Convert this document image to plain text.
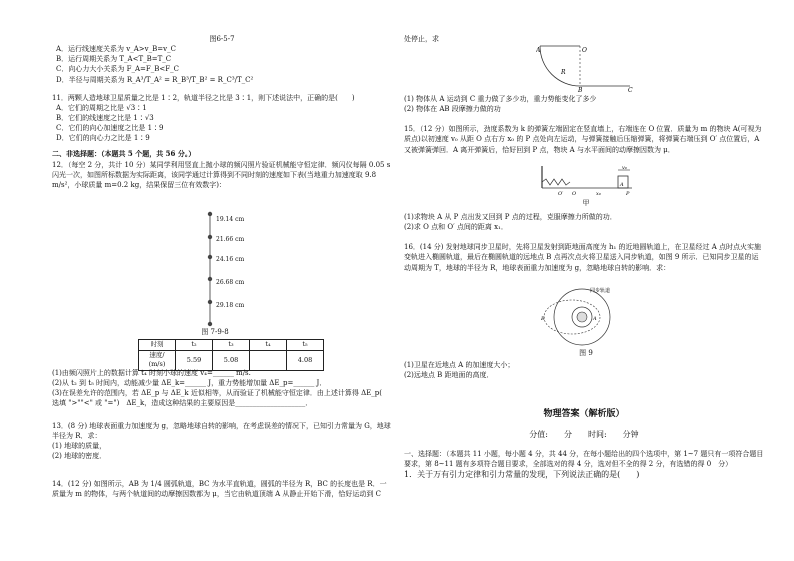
图6-5-7

A．运行线速度关系为 v_A>v_B=v_C

B．运行周期关系为 T_A<T_B=T_C

C．向心力大小关系为 F_A=F_B<F_C

D．半径与周期关系为 R_A³/T_A² = R_B³/T_B² = R_C³/T_C²

11．两颗人造地球卫星质量之比是 1∶2，轨道半径之比是 3∶1，则下述说法中，正确的是(　　)

A．它们的周期之比是 √3∶1

B．它们的线速度之比是 1∶√3

C．它们的向心加速度之比是 1∶9

D．它们的向心力之比是 1∶9

二、非选择题：（本题共 5 个题，共 56 分。）

12．（每空 2 分，共计 10 分）某同学利用竖直上抛小球的频闪照片验证机械能守恒定律．频闪仪每隔 0.05 s 闪光一次，如图所标数据为实际距离，该同学通过计算得到不同时刻的速度如下表(当地重力加速度取 9.8 m/s²，小球质量 m=0.2 kg，结果保留三位有效数字)：

19.14 cm
21.66 cm
24.16 cm
26.68 cm
29.18 cm

图 7-9-8

时刻	t₂	t₃	t₄	t₅
速度/
(m/s)	5.59	5.08		4.08

(1)由频闪照片上的数据计算 t₄ 时刻小球的速度 v₄=______ m/s.

(2)从 t₂ 到 t₅ 时间内，动能减少量 ΔE_k=______ J，重力势能增加量 ΔE_p=______ J．

(3)在误差允许的范围内，若 ΔE_p 与 ΔE_k 近似相等，从而验证了机械能守恒定律．由上述计算得 ΔE_p(　　选填 ">""<" 或 "=")　ΔE_k，造成这种结果的主要原因是____________________．

13．(8 分) 地球表面重力加速度为 g，忽略地球自转的影响，在考虑误差的情况下，已知引力常量为 G，地球半径为 R．求：

(1) 地球的质量，

(2) 地球的密度．

14．(12 分) 如图所示，AB 为 1/4 圆弧轨道，BC 为水平直轨道，圆弧的半径为 R，BC 的长度也是 R．一质量为 m 的物体，与两个轨道间的动摩擦因数都为 μ，当它由轨道顶端 A 从静止开始下滑，恰好运动到 C

处停止，求

A	O
R
B	C

(1) 物体从 A 运动到 C 重力做了多少功，重力势能变化了多少

(2) 物体在 AB 段摩擦力做的功

15．（12 分）如图所示，劲度系数为 k 的弹簧左端固定在竖直墙上，右端连在 O 位置．质量为 m 的物块 A(可视为质点)以初速度 v₀ 从距 O 点右方 x₀ 的 P 点处向左运动，与弹簧接触后压缩弹簧，将弹簧右端压到 O′ 点位置后，A 又被弹簧弹回．A 离开弹簧后，恰好回到 P 点，物块 A 与水平面间的动摩擦因数为 μ．

v₀
A
O′ O	x₀	P

甲

(1)求物块 A 从 P 点出发又回到 P 点的过程，克服摩擦力所做的功．

(2)求 O 点和 O′ 点间的距离 x₁．

16．(14 分) 发射地球同步卫星时，先将卫星发射到距地面高度为 h₁ 的近地圆轨道上，在卫星经过 A 点时点火实施变轨进入椭圆轨道，最后在椭圆轨道的远地点 B 点再次点火将卫星送入同步轨道，如图 9 所示．已知同步卫星的运动周期为 T，地球的半径为 R，地球表面重力加速度为 g，忽略地球自转的影响．求：

同步轨道
B	A

图 9

(1)卫星在近地点 A 的加速度大小；

(2)远地点 B 距地面的高度．

物理答案（解析版）

分值:　　分　　时间:　　分钟

一、选择题：（本题共 11 小题，每小题 4 分，共 44 分，在每小题给出的四个选项中，第 1~7 题只有一项符合题目要求，第 8~11 题有多项符合题目要求，全部选对的得 4 分，选对但不全的得 2 分，有选错的得 0　分）

1．关于万有引力定律和引力常量的发现，下列说法正确的是(　　)
